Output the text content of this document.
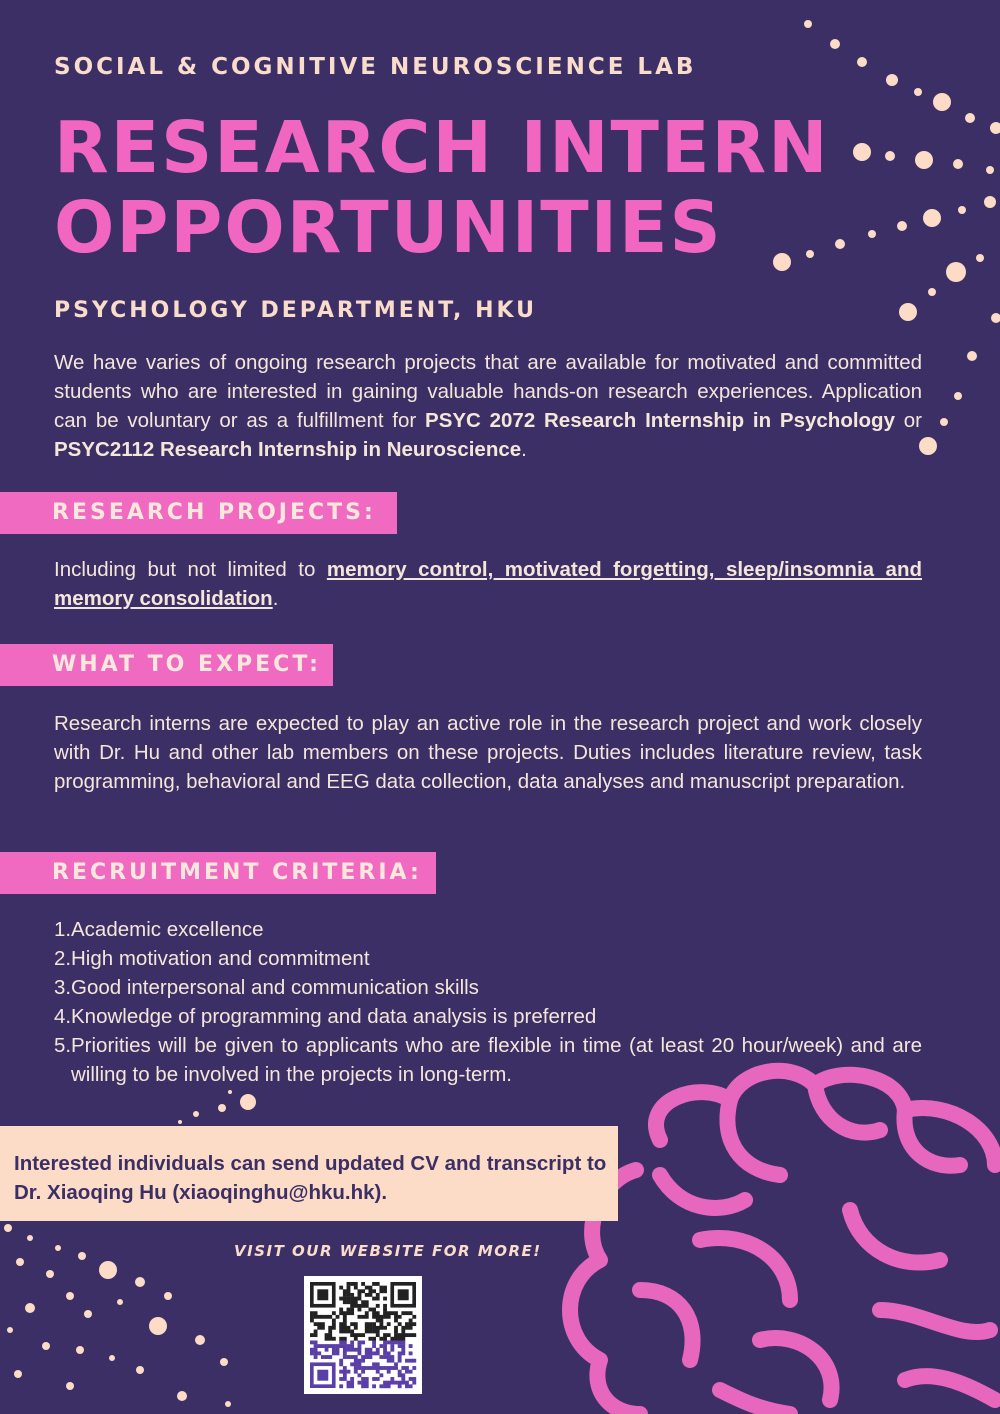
SOCIAL & COGNITIVE NEUROSCIENCE LAB
RESEARCH INTERN
OPPORTUNITIES
PSYCHOLOGY DEPARTMENT, HKU
We have varies of ongoing research projects that are available for motivated and committed students who are interested in gaining valuable hands-on research experiences. Application can be voluntary or as a fulfillment for PSYC 2072 Research Internship in Psychology or PSYC2112 Research Internship in Neuroscience.
RESEARCH PROJECTS:
Including but not limited to memory control, motivated forgetting, sleep/insomnia and memory consolidation.
WHAT TO EXPECT:
Research interns are expected to play an active role in the research project and work closely with Dr. Hu and other lab members on these projects. Duties includes literature review, task programming, behavioral and EEG data collection, data analyses and manuscript preparation.
RECRUITMENT CRITERIA:
1. Academic excellence
2. High motivation and commitment
3. Good interpersonal and communication skills
4. Knowledge of programming and data analysis is preferred
5. Priorities will be given to applicants who are flexible in time (at least 20 hour/week) and are willing to be involved in the projects in long-term.
Interested individuals can send updated CV and transcript to
Dr. Xiaoqing Hu (xiaoqinghu@hku.hk).
VISIT OUR WEBSITE FOR MORE!
